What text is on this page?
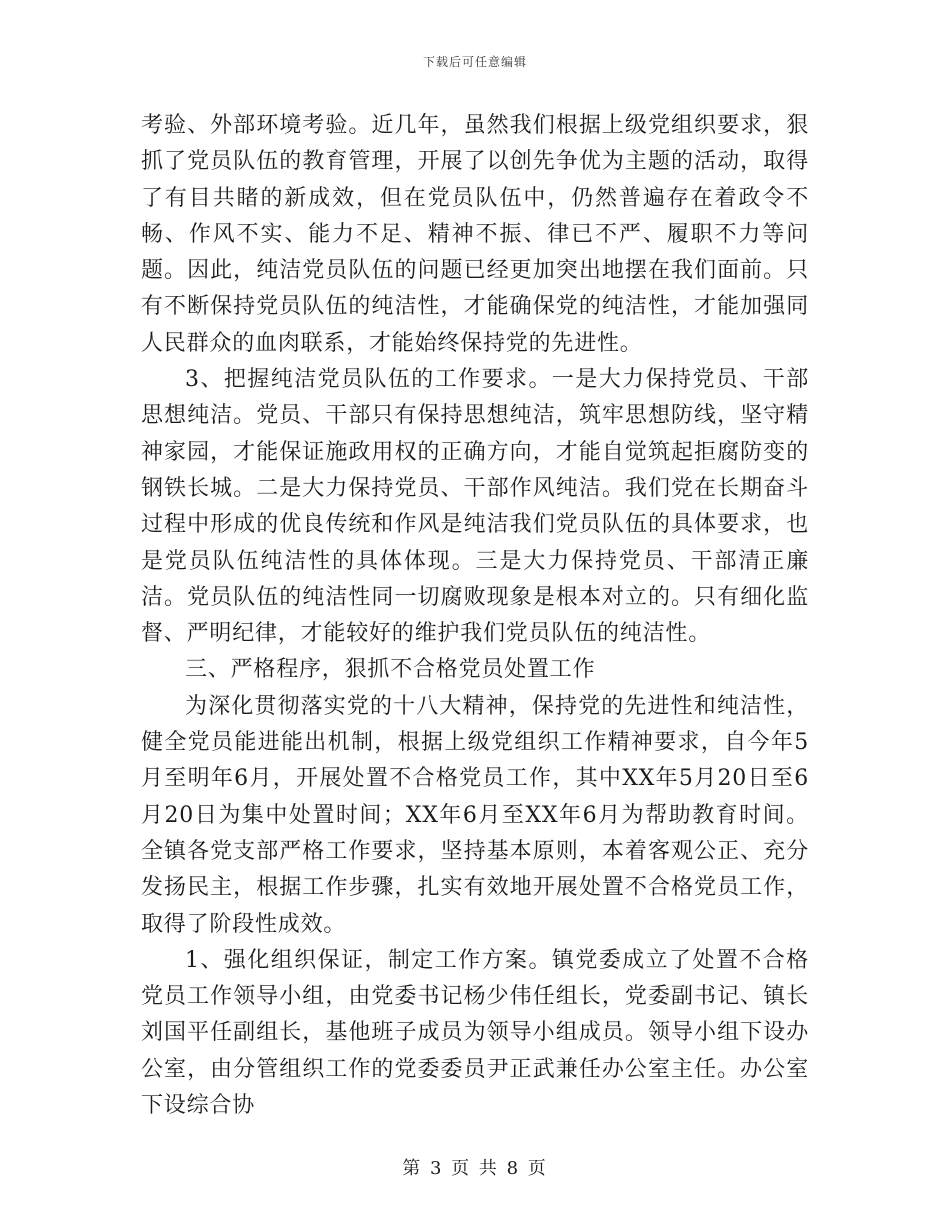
下载后可任意编辑

考验、外部环境考验。近几年，虽然我们根据上级党组织要求，狠抓了党员队伍的教育管理，开展了以创先争优为主题的活动，取得了有目共睹的新成效，但在党员队伍中，仍然普遍存在着政令不畅、作风不实、能力不足、精神不振、律已不严、履职不力等问题。因此，纯洁党员队伍的问题已经更加突出地摆在我们面前。只有不断保持党员队伍的纯洁性，才能确保党的纯洁性，才能加强同人民群众的血肉联系，才能始终保持党的先进性。

3、把握纯洁党员队伍的工作要求。一是大力保持党员、干部思想纯洁。党员、干部只有保持思想纯洁，筑牢思想防线，坚守精神家园，才能保证施政用权的正确方向，才能自觉筑起拒腐防变的钢铁长城。二是大力保持党员、干部作风纯洁。我们党在长期奋斗过程中形成的优良传统和作风是纯洁我们党员队伍的具体要求，也是党员队伍纯洁性的具体体现。三是大力保持党员、干部清正廉洁。党员队伍的纯洁性同一切腐败现象是根本对立的。只有细化监督、严明纪律，才能较好的维护我们党员队伍的纯洁性。

三、严格程序，狠抓不合格党员处置工作

为深化贯彻落实党的十八大精神，保持党的先进性和纯洁性，健全党员能进能出机制，根据上级党组织工作精神要求，自今年5月至明年6月，开展处置不合格党员工作，其中XX年5月20日至6月20日为集中处置时间；XX年6月至XX年6月为帮助教育时间。全镇各党支部严格工作要求，坚持基本原则，本着客观公正、充分发扬民主，根据工作步骤，扎实有效地开展处置不合格党员工作，取得了阶段性成效。

1、强化组织保证，制定工作方案。镇党委成立了处置不合格党员工作领导小组，由党委书记杨少伟任组长，党委副书记、镇长刘国平任副组长，基他班子成员为领导小组成员。领导小组下设办公室，由分管组织工作的党委委员尹正武兼任办公室主任。办公室下设综合协

第 3 页 共 8 页
